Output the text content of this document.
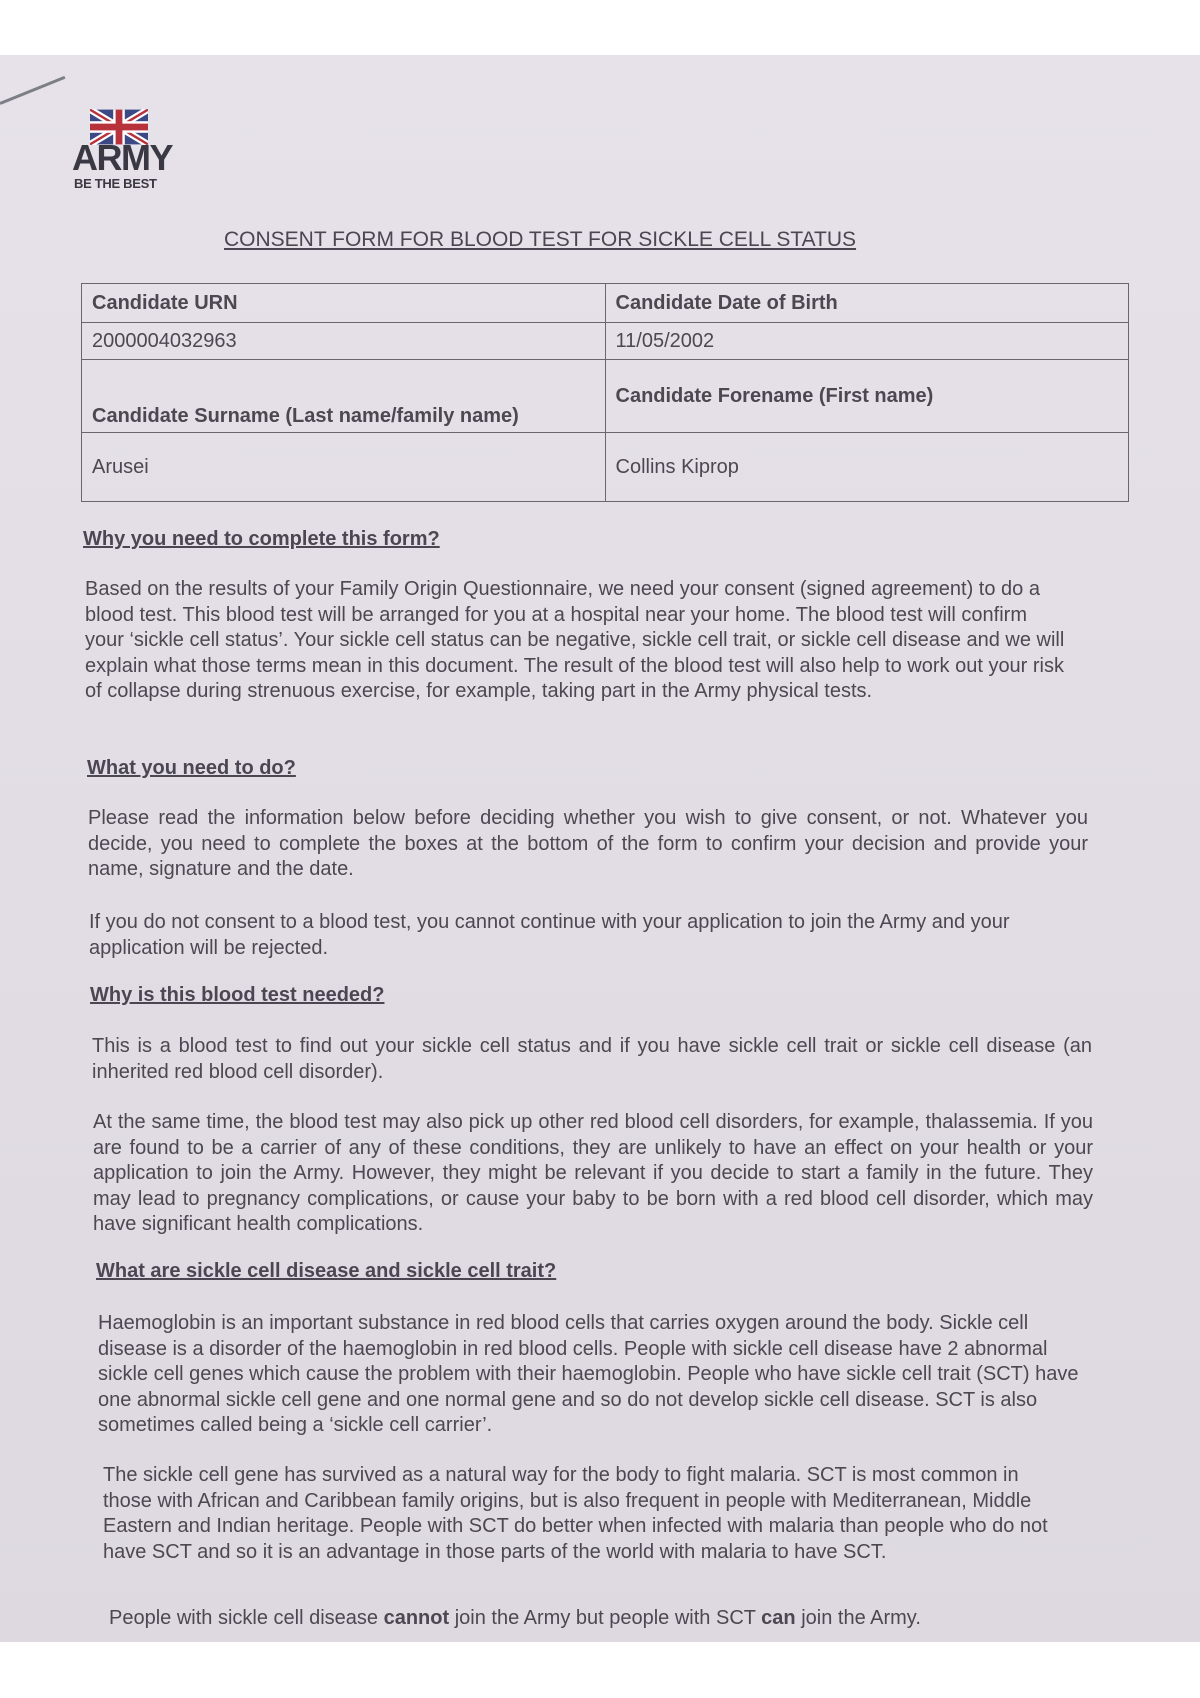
ARMY
BE THE BEST
CONSENT FORM FOR BLOOD TEST FOR SICKLE CELL STATUS
Candidate URN	Candidate Date of Birth
2000004032963	11/05/2002
Candidate Surname (Last name/family name)	Candidate Forename (First name)
Arusei	Collins Kiprop
Why you need to complete this form?
Based on the results of your Family Origin Questionnaire, we need your consent (signed agreement) to do a blood test. This blood test will be arranged for you at a hospital near your home. The blood test will confirm your ‘sickle cell status’. Your sickle cell status can be negative, sickle cell trait, or sickle cell disease and we will explain what those terms mean in this document. The result of the blood test will also help to work out your risk of collapse during strenuous exercise, for example, taking part in the Army physical tests.
What you need to do?
Please read the information below before deciding whether you wish to give consent, or not. Whatever you decide, you need to complete the boxes at the bottom of the form to confirm your decision and provide your name, signature and the date.
If you do not consent to a blood test, you cannot continue with your application to join the Army and your application will be rejected.
Why is this blood test needed?
This is a blood test to find out your sickle cell status and if you have sickle cell trait or sickle cell disease (an inherited red blood cell disorder).
At the same time, the blood test may also pick up other red blood cell disorders, for example, thalassemia. If you are found to be a carrier of any of these conditions, they are unlikely to have an effect on your health or your application to join the Army. However, they might be relevant if you decide to start a family in the future. They may lead to pregnancy complications, or cause your baby to be born with a red blood cell disorder, which may have significant health complications.
What are sickle cell disease and sickle cell trait?
Haemoglobin is an important substance in red blood cells that carries oxygen around the body. Sickle cell disease is a disorder of the haemoglobin in red blood cells. People with sickle cell disease have 2 abnormal sickle cell genes which cause the problem with their haemoglobin. People who have sickle cell trait (SCT) have one abnormal sickle cell gene and one normal gene and so do not develop sickle cell disease. SCT is also sometimes called being a ‘sickle cell carrier’.
The sickle cell gene has survived as a natural way for the body to fight malaria. SCT is most common in those with African and Caribbean family origins, but is also frequent in people with Mediterranean, Middle Eastern and Indian heritage. People with SCT do better when infected with malaria than people who do not have SCT and so it is an advantage in those parts of the world with malaria to have SCT.
People with sickle cell disease cannot join the Army but people with SCT can join the Army.
